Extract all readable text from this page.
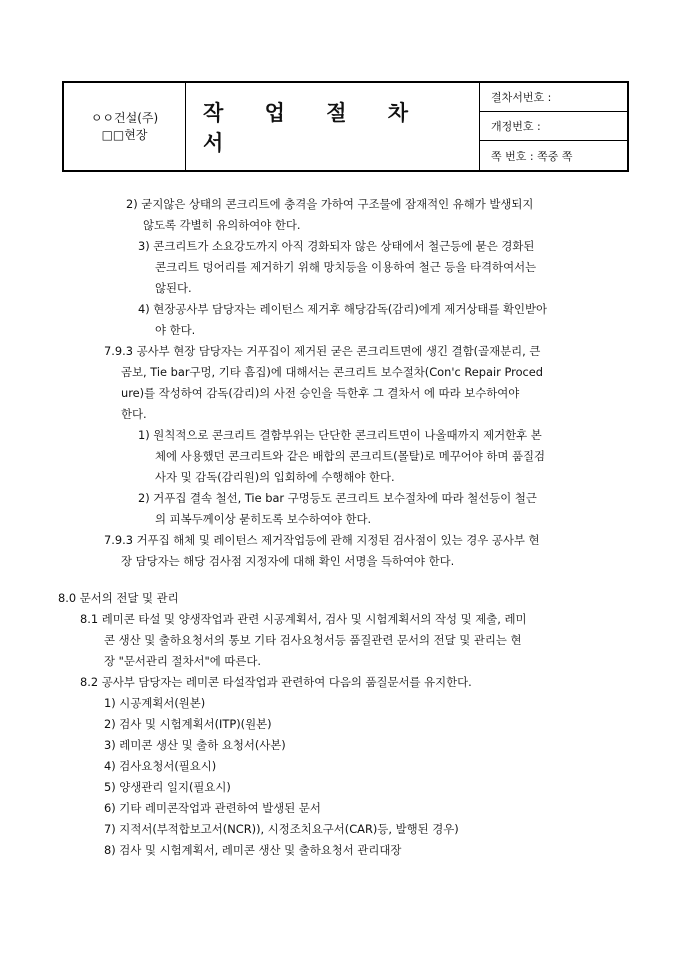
ㅇㅇ건설(주)
□□현장
작 업 절 차 서
결차서번호 :
개정번호 :
쪽 번호 : 쪽중 쪽
2) 굳지않은 상태의 콘크리트에 충격을 가하여 구조물에 잠재적인 유해가 발생되지
않도록 각별히 유의하여야 한다.
3) 콘크리트가 소요강도까지 아직 경화되자 않은 상태에서 철근등에 묻은 경화된
콘크리트 덩어리를 제거하기 위해 망치등을 이용하여 철근 등을 타격하여서는
않된다.
4) 현장공사부 담당자는 레이턴스 제거후 해당감독(감리)에게 제거상태를 확인받아
야 한다.
7.9.3 공사부 현장 담당자는 거푸집이 제거된 굳은 콘크리트면에 생긴 결함(골재분리, 큰
곰보, Tie bar구멍, 기타 흠집)에 대해서는 콘크리트 보수절차(Con'c Repair Proced
ure)를 작성하여 감독(감리)의 사전 승인을 득한후 그 결차서 에 따라 보수하여야
한다.
1) 원칙적으로 콘크리트 결함부위는 단단한 콘크리트면이 나올때까지 제거한후 본
체에 사용했던 콘크리트와 같은 배합의 콘크리트(몰탈)로 메꾸어야 하며 품질검
사자 및 감독(감리원)의 입회하에 수행해야 한다.
2) 거푸집 결속 철선, Tie bar 구멍등도 콘크리트 보수절차에 따라 철선등이 철근
의 피복두께이상 묻히도록 보수하여야 한다.
7.9.3 거푸집 해체 및 레이턴스 제거작업등에 관해 지정된 검사점이 있는 경우 공사부 현
장 담당자는 해당 검사점 지정자에 대해 확인 서명을 득하여야 한다.
8.0 문서의 전달 및 관리
8.1 레미콘 타설 및 양생작업과 관련 시공계획서, 검사 및 시험계획서의 작성 및 제출, 레미
콘 생산 및 출하요청서의 통보 기타 검사요청서등 품질관련 문서의 전달 및 관리는 현
장 "문서관리 절차서"에 따른다.
8.2 공사부 담당자는 레미콘 타설작업과 관련하여 다음의 품질문서를 유지한다.
1) 시공계획서(원본)
2) 검사 및 시험계획서(ITP)(원본)
3) 레미콘 생산 및 출하 요청서(사본)
4) 검사요청서(필요시)
5) 양생관리 일지(필요시)
6) 기타 레미콘작업과 관련하여 발생된 문서
7) 지적서(부적합보고서(NCR)), 시정조치요구서(CAR)등, 발행된 경우)
8) 검사 및 시험계획서, 레미콘 생산 및 출하요청서 관리대장
